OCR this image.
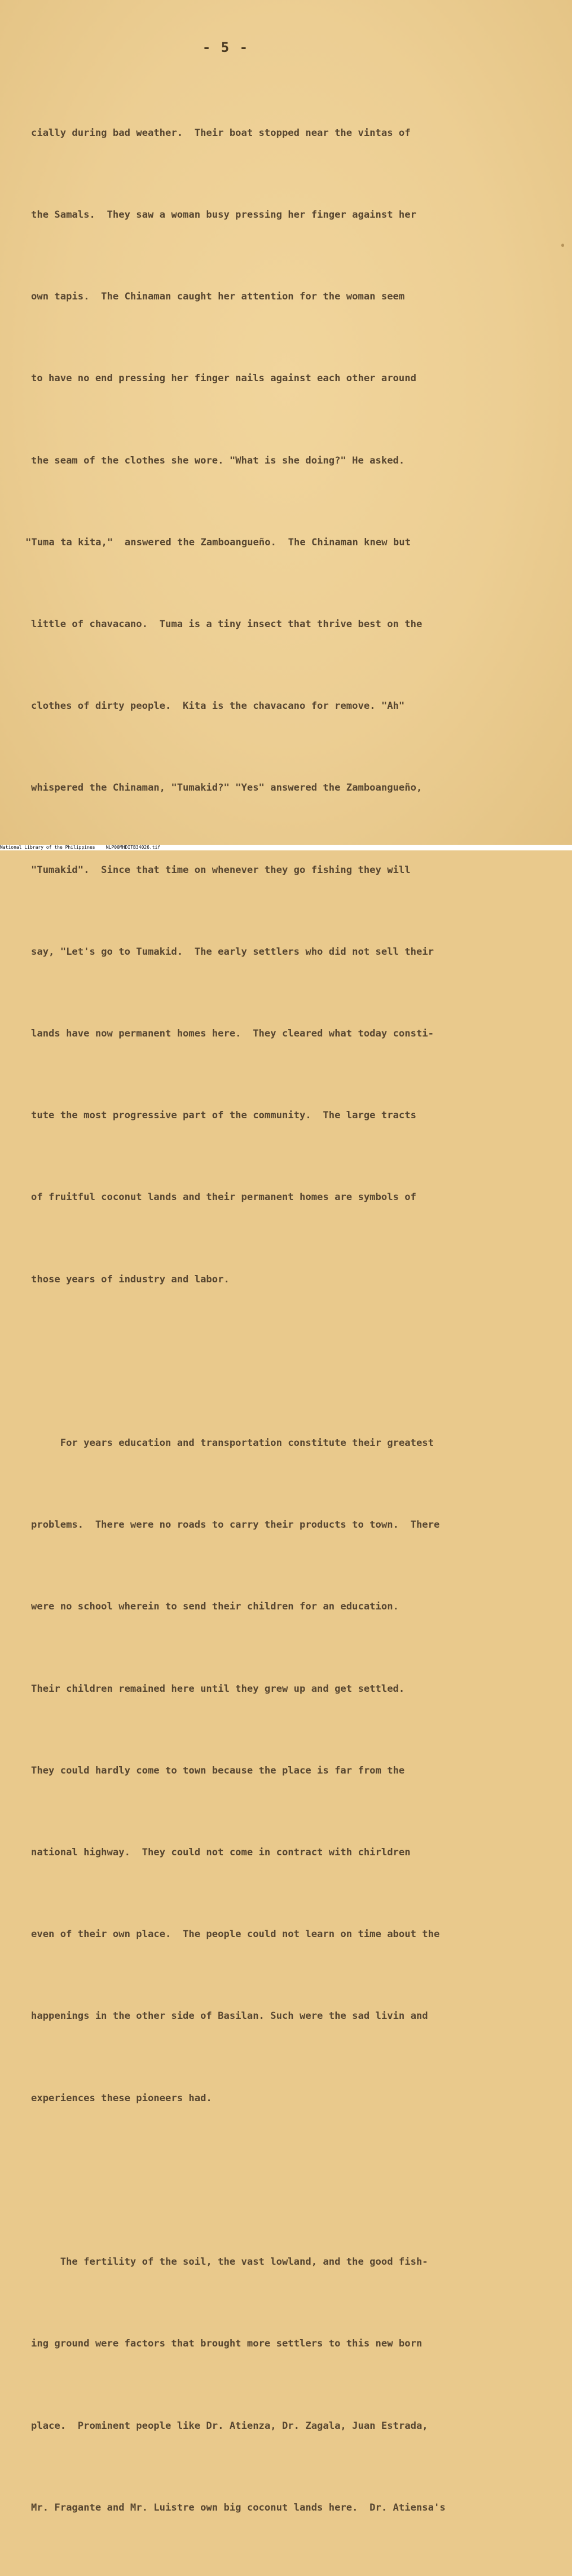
- 5 -

cially during bad weather.  Their boat stopped near the vintas of

the Samals.  They saw a woman busy pressing her finger against her

own tapis.  The Chinaman caught her attention for the woman seem

to have no end pressing her finger nails against each other around

the seam of the clothes she wore. "What is she doing?" He asked.

"Tuma ta kita,"  answered the Zamboangueño.  The Chinaman knew but

little of chavacano.  Tuma is a tiny insect that thrive best on the

clothes of dirty people.  Kita is the chavacano for remove. "Ah"

whispered the Chinaman, "Tumakid?" "Yes" answered the Zamboangueño,

"Tumakid".  Since that time on whenever they go fishing they will

say, "Let's go to Tumakid.  The early settlers who did not sell their

lands have now permanent homes here.  They cleared what today consti-

tute the most progressive part of the community.  The large tracts

of fruitful coconut lands and their permanent homes are symbols of

those years of industry and labor.

For years education and transportation constitute their greatest

problems.  There were no roads to carry their products to town.  There

were no school wherein to send their children for an education.

Their children remained here until they grew up and get settled.

They could hardly come to town because the place is far from the

national highway.  They could not come in contract with chirldren

even of their own place.  The people could not learn on time about the

happenings in the other side of Basilan. Such were the sad livin and

experiences these pioneers had.

The fertility of the soil, the vast lowland, and the good fish-

ing ground were factors that brought more settlers to this new born

place.  Prominent people like Dr. Atienza, Dr. Zagala, Juan Estrada,

Mr. Fragante and Mr. Luistre own big coconut lands here.  Dr. Atiensa's

National Library of the Philippines NLP00MHDITB34026.tif
